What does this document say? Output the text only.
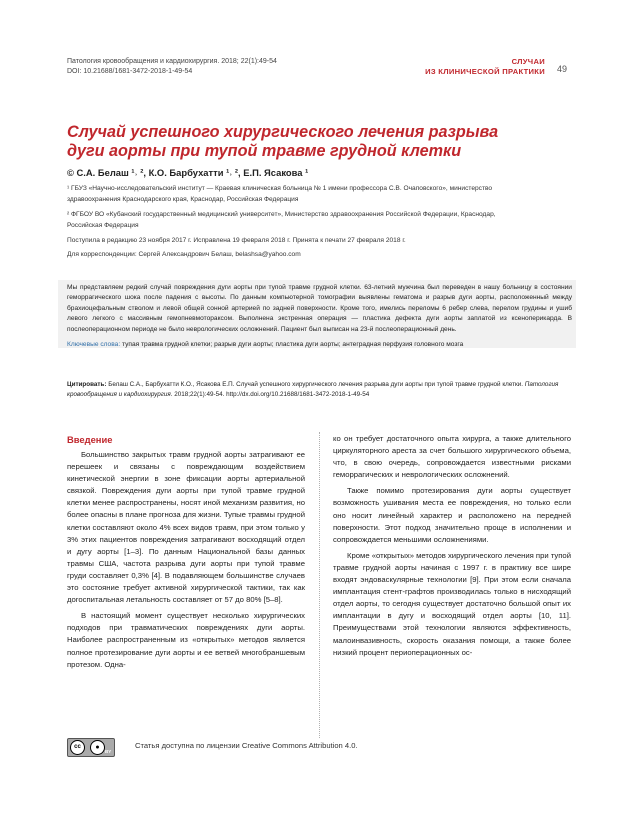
Патология кровообращения и кардиохирургия. 2018; 22(1):49-54
DOI: 10.21688/1681-3472-2018-1-49-54
СЛУЧАИ
ИЗ КЛИНИЧЕСКОЙ ПРАКТИКИ 49
Случай успешного хирургического лечения разрыва дуги аорты при тупой травме грудной клетки
© С.А. Белаш ¹˒ ², К.О. Барбухатти ¹˒ ², Е.П. Ясакова ¹
¹ ГБУЗ «Научно-исследовательский институт — Краевая клиническая больница № 1 имени профессора С.В. Очаповского», министерство здравоохранения Краснодарского края, Краснодар, Российская Федерация
² ФГБОУ ВО «Кубанский государственный медицинский университет», Министерство здравоохранения Российской Федерации, Краснодар, Российская Федерация
Поступила в редакцию 23 ноября 2017 г. Исправлена 19 февраля 2018 г. Принята к печати 27 февраля 2018 г.
Для корреспонденции: Сергей Александрович Белаш, belashsa@yahoo.com
Мы представляем редкий случай повреждения дуги аорты при тупой травме грудной клетки. 63-летний мужчина был переведен в нашу больницу в состоянии геморрагического шока после падения с высоты. По данным компьютерной томографии выявлены гематома и разрыв дуги аорты, расположенный между брахиоцефальным стволом и левой общей сонной артерией по задней поверхности. Кроме того, имелись переломы 6 ребер слева, перелом грудины и ушиб левого легкого с массивным гемопневмотораксом. Выполнена экстренная операция — пластика дефекта дуги аорты заплатой из ксеноперикарда. В послеоперационном периоде не было неврологических осложнений. Пациент был выписан на 23-й послеоперационный день.
Ключевые слова: тупая травма грудной клетки; разрыв дуги аорты; пластика дуги аорты; антеградная перфузия головного мозга
Цитировать: Белаш С.А., Барбухатти К.О., Ясакова Е.П. Случай успешного хирургического лечения разрыва дуги аорты при тупой травме грудной клетки. Патология кровообращения и кардиохирургия. 2018;22(1):49-54. http://dx.doi.org/10.21688/1681-3472-2018-1-49-54
Введение

Большинство закрытых травм грудной аорты затрагивают ее перешеек и связаны с повреждающим воздействием кинетической энергии в зоне фиксации аорты артериальной связкой. Повреждения дуги аорты при тупой травме грудной клетки менее распространены, носят иной механизм развития, но более опасны в плане прогноза для жизни. Тупые травмы грудной клетки составляют около 4% всех видов травм, при этом только у 3% этих пациентов повреждения затрагивают восходящий отдел и дугу аорты [1–3]. По данным Национальной базы данных травмы США, частота разрыва дуги аорты при тупой травме груди составляет 0,3% [4]. В подавляющем большинстве случаев это состояние требует активной хирургической тактики, так как догоспитальная летальность составляет от 57 до 80% [5–8].

В настоящий момент существует несколько хирургических подходов при травматических повреждениях дуги аорты. Наиболее распространенным из «открытых» методов является полное протезирование дуги аорты и ее ветвей многобраншевым протезом. Одна-

ко он требует достаточного опыта хирурга, а также длительного циркуляторного ареста за счет большого хирургического объема, что, в свою очередь, сопровождается известными рисками геморрагических и неврологических осложнений.

Также помимо протезирования дуги аорты существует возможность ушивания места ее повреждения, но только если оно носит линейный характер и расположено на передней поверхности. Этот подход значительно проще в исполнении и сопровождается меньшими осложнениями.

Кроме «открытых» методов хирургического лечения при тупой травме грудной аорты начиная с 1997 г. в практику все шире входят эндоваскулярные технологии [9]. При этом если сначала имплантация стент-графтов производилась только в нисходящий отдел аорты, то сегодня существует достаточно большой опыт их имплантации в дугу и восходящий отдел аорты [10, 11]. Преимуществами этой технологии являются эффективность, малоинвазивность, скорость оказания помощи, а также более низкий процент периоперационных ос-

cc	●
BY
Статья доступна по лицензии Creative Commons Attribution 4.0.
